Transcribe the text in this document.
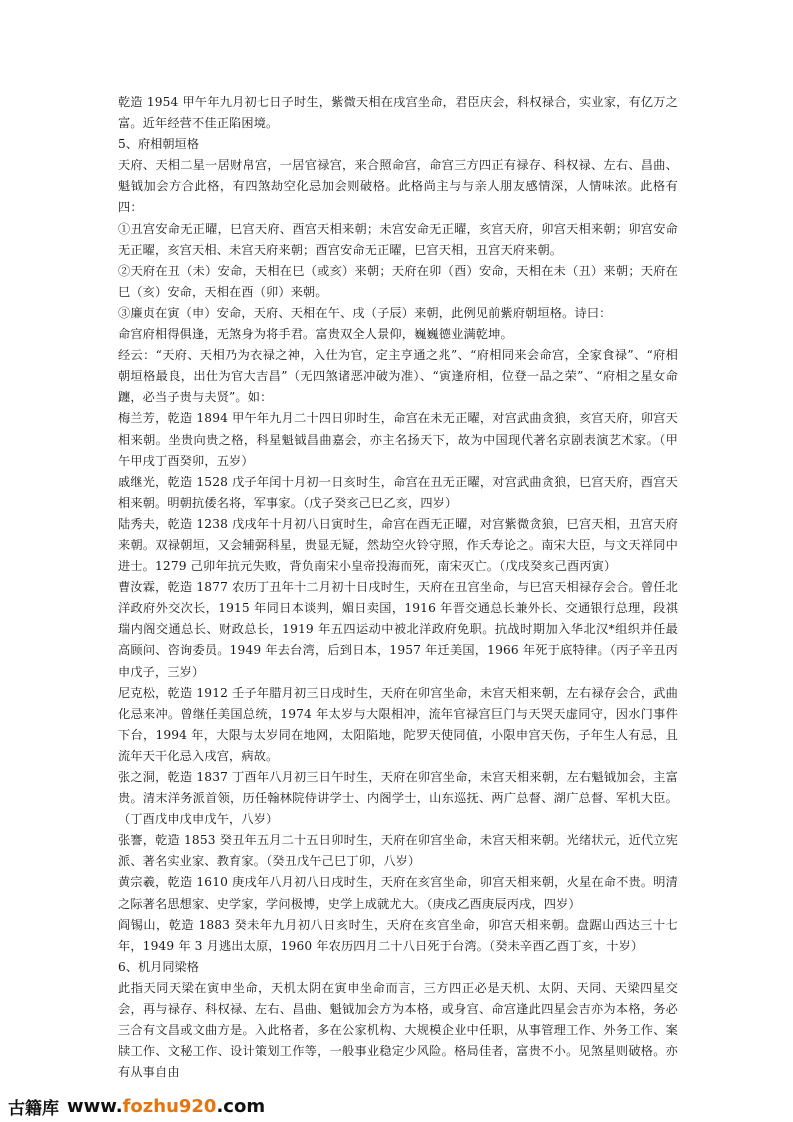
乾造 1954 甲午年九月初七日子时生，紫微天相在戌宫坐命，君臣庆会，科权禄合，实业家，有亿万之富。近年经营不佳正陷困境。

5、府相朝垣格

天府、天相二星一居财帛宫，一居官禄宫，来合照命宫，命宫三方四正有禄存、科权禄、左右、昌曲、魁钺加会方合此格，有四煞劫空化忌加会则破格。此格尚主与与亲人朋友感情深，人情味浓。此格有四：

①丑宫安命无正曜，巳宫天府、酉宫天相来朝；未宫安命无正曜，亥宫天府，卯宫天相来朝；卯宫安命无正曜，亥宫天相、未宫天府来朝；酉宫安命无正曜，巳宫天相，丑宫天府来朝。

②天府在丑（未）安命，天相在巳（或亥）来朝；天府在卯（酉）安命，天相在未（丑）来朝；天府在巳（亥）安命，天相在酉（卯）来朝。

③廉贞在寅（申）安命，天府、天相在午、戌（子辰）来朝，此例见前紫府朝垣格。诗曰：

命宫府相得俱逢，无煞身为将手君。富贵双全人景仰，巍巍德业满乾坤。

经云：“天府、天相乃为衣禄之神，入仕为官，定主亨通之兆”、“府相同来会命宫，全家食禄”、“府相朝垣格最良，出仕为官大吉昌”（无四煞诸恶冲破为准）、“寅逢府相，位登一品之荣”、“府相之星女命躔，必当子贵与夫贤”。如：

梅兰芳，乾造 1894 甲午年九月二十四日卯时生，命宫在未无正曜，对宫武曲贪狼，亥宫天府，卯宫天相来朝。坐贵向贵之格，科星魁钺昌曲嘉会，亦主名扬天下，故为中国现代著名京剧表演艺术家。（甲午甲戌丁酉癸卯，五岁）

戚继光，乾造 1528 戊子年闰十月初一日亥时生，命宫在丑无正曜，对宫武曲贪狼，巳宫天府，酉宫天相来朝。明朝抗倭名将，军事家。（戊子癸亥己巳乙亥，四岁）

陆秀夫，乾造 1238 戊戌年十月初八日寅时生，命宫在酉无正曜，对宫紫微贪狼，巳宫天相，丑宫天府来朝。双禄朝垣，又会辅弼科星，贵显无疑，然劫空火铃守照，作夭寿论之。南宋大臣，与文天祥同中进士。1279 己卯年抗元失败，背负南宋小皇帝投海而死，南宋灭亡。（戊戌癸亥己酉丙寅）

曹汝霖，乾造 1877 农历丁丑年十二月初十日戌时生，天府在丑宫坐命，与巳宫天相禄存会合。曾任北洋政府外交次长，1915 年同日本谈判，媚日卖国，1916 年晋交通总长兼外长、交通银行总理，段祺瑞内阁交通总长、财政总长，1919 年五四运动中被北洋政府免职。抗战时期加入华北汉*组织并任最高顾问、咨询委员。1949 年去台湾，后到日本，1957 年迁美国，1966 年死于底特律。（丙子辛丑丙申戊子，三岁）

尼克松，乾造 1912 壬子年腊月初三日戌时生，天府在卯宫坐命，未宫天相来朝，左右禄存会合，武曲化忌来冲。曾继任美国总统，1974 年太岁与大限相冲，流年官禄宫巨门与天哭天虚同守，因水门事件下台，1994 年，大限与太岁同在地网，太阳陷地，陀罗天使同值，小限申宫天伤，子年生人有忌，且流年天干化忌入戌宫，病故。

张之洞，乾造 1837 丁酉年八月初三日午时生，天府在卯宫坐命，未宫天相来朝，左右魁钺加会，主富贵。清末洋务派首领，历任翰林院侍讲学士、内阁学士，山东巡抚、两广总督、湖广总督、军机大臣。（丁酉戊申戊申戊午，八岁）

张謇，乾造 1853 癸丑年五月二十五日卯时生，天府在卯宫坐命，未宫天相来朝。光绪状元，近代立宪派、著名实业家、教育家。（癸丑戊午己巳丁卯，八岁）

黄宗羲，乾造 1610 庚戌年八月初八日戌时生，天府在亥宫坐命，卯宫天相来朝，火星在命不贵。明清之际著名思想家、史学家，学问极博，史学上成就尤大。（庚戌乙酉庚辰丙戌，四岁）

阎锡山，乾造 1883 癸未年九月初八日亥时生，天府在亥宫坐命，卯宫天相来朝。盘踞山西达三十七年，1949 年 3 月逃出太原，1960 年农历四月二十八日死于台湾。（癸未辛酉乙酉丁亥，十岁）

6、机月同梁格

此指天同天梁在寅申坐命，天机太阴在寅申坐命而言，三方四正必是天机、太阴、天同、天梁四星交会，再与禄存、科权禄、左右、昌曲、魁钺加会方为本格，或身宫、命宫逢此四星会吉亦为本格，务必三合有文昌或文曲方是。入此格者，多在公家机构、大规模企业中任职，从事管理工作、外务工作、案牍工作、文秘工作、设计策划工作等，一般事业稳定少风险。格局佳者，富贵不小。见煞星则破格。亦有从事自由

古籍库 www.fozhu920.com
